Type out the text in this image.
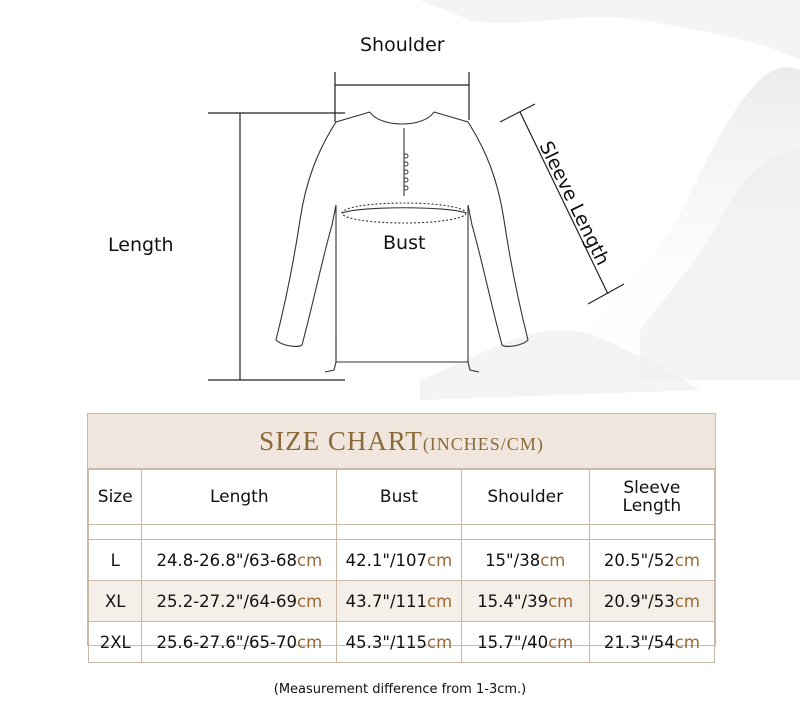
Shoulder
Length	Bust	Sleeve Length
SIZE CHART(INCHES/CM)
Size	Length	Bust	Shoulder	Sleeve Length

L	24.8-26.8"/63-68cm	42.1"/107cm	15"/38cm	20.5"/52cm
XL	25.2-27.2"/64-69cm	43.7"/111cm	15.4"/39cm	20.9"/53cm
2XL	25.6-27.6"/65-70cm	45.3"/115cm	15.7"/40cm	21.3"/54cm
(Measurement difference from 1-3cm.)
